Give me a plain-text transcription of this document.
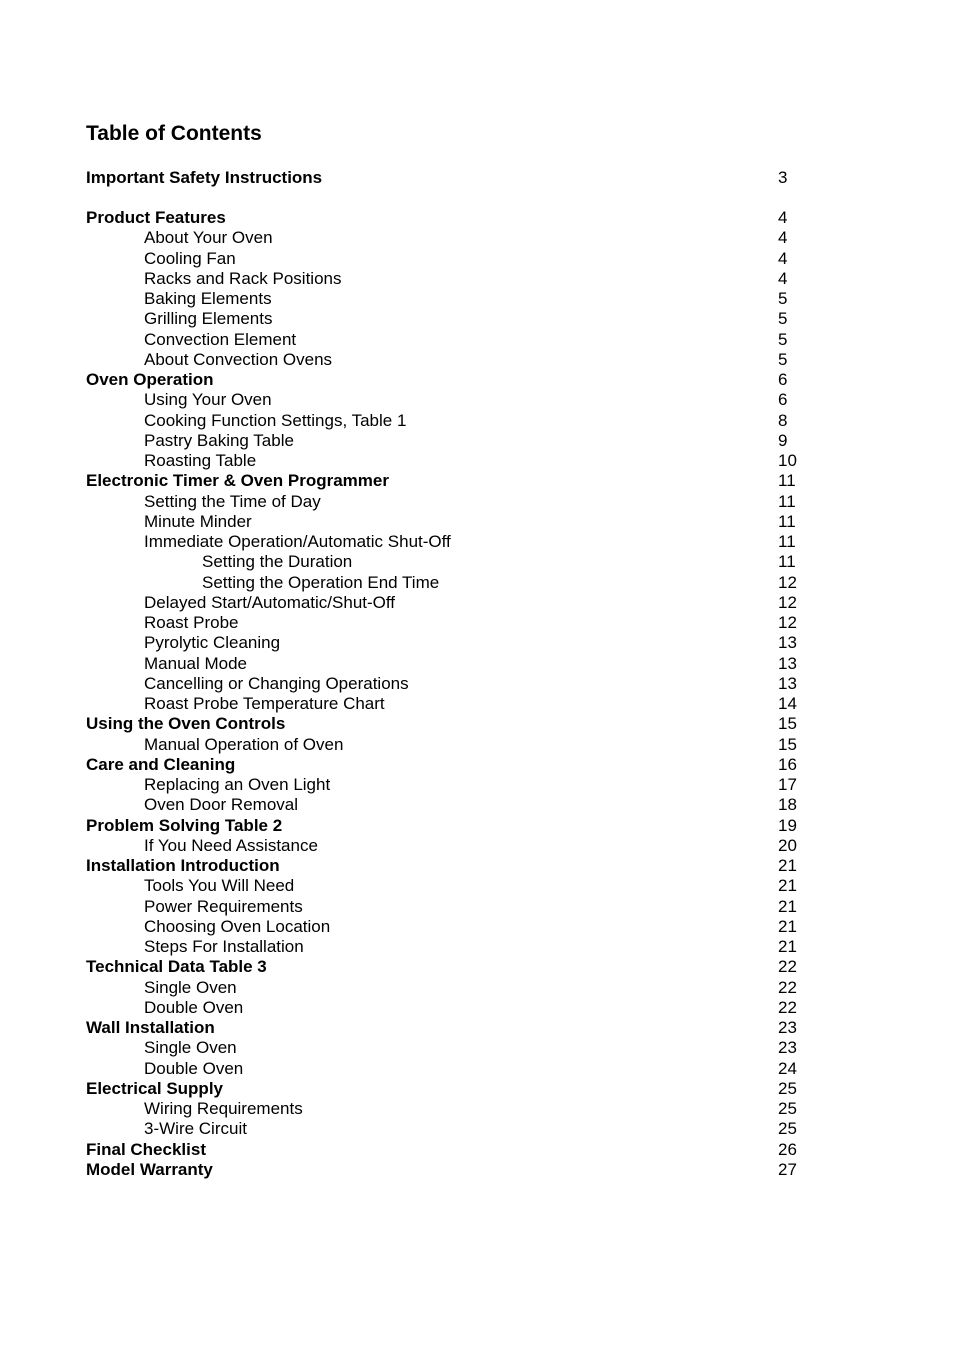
Table of Contents
Important Safety Instructions	3
Product Features	4
About Your Oven	4
Cooling Fan	4
Racks and Rack Positions	4
Baking Elements	5
Grilling Elements	5
Convection Element	5
About Convection Ovens	5
Oven Operation	6
Using Your Oven	6
Cooking Function Settings, Table 1	8
Pastry Baking Table	9
Roasting Table	10
Electronic Timer & Oven Programmer	11
Setting the Time of Day	11
Minute Minder	11
Immediate Operation/Automatic Shut-Off	11
Setting the Duration	11
Setting the Operation End Time	12
Delayed Start/Automatic/Shut-Off	12
Roast Probe	12
Pyrolytic Cleaning	13
Manual Mode	13
Cancelling or Changing Operations	13
Roast Probe Temperature Chart	14
Using the Oven Controls	15
Manual Operation of Oven	15
Care and Cleaning	16
Replacing an Oven Light	17
Oven Door Removal	18
Problem Solving Table 2	19
If You Need Assistance	20
Installation Introduction	21
Tools You Will Need	21
Power Requirements	21
Choosing Oven Location	21
Steps For Installation	21
Technical Data Table 3	22
Single Oven	22
Double Oven	22
Wall Installation	23
Single Oven	23
Double Oven	24
Electrical Supply	25
Wiring Requirements	25
3-Wire Circuit	25
Final Checklist	26
Model Warranty	27
